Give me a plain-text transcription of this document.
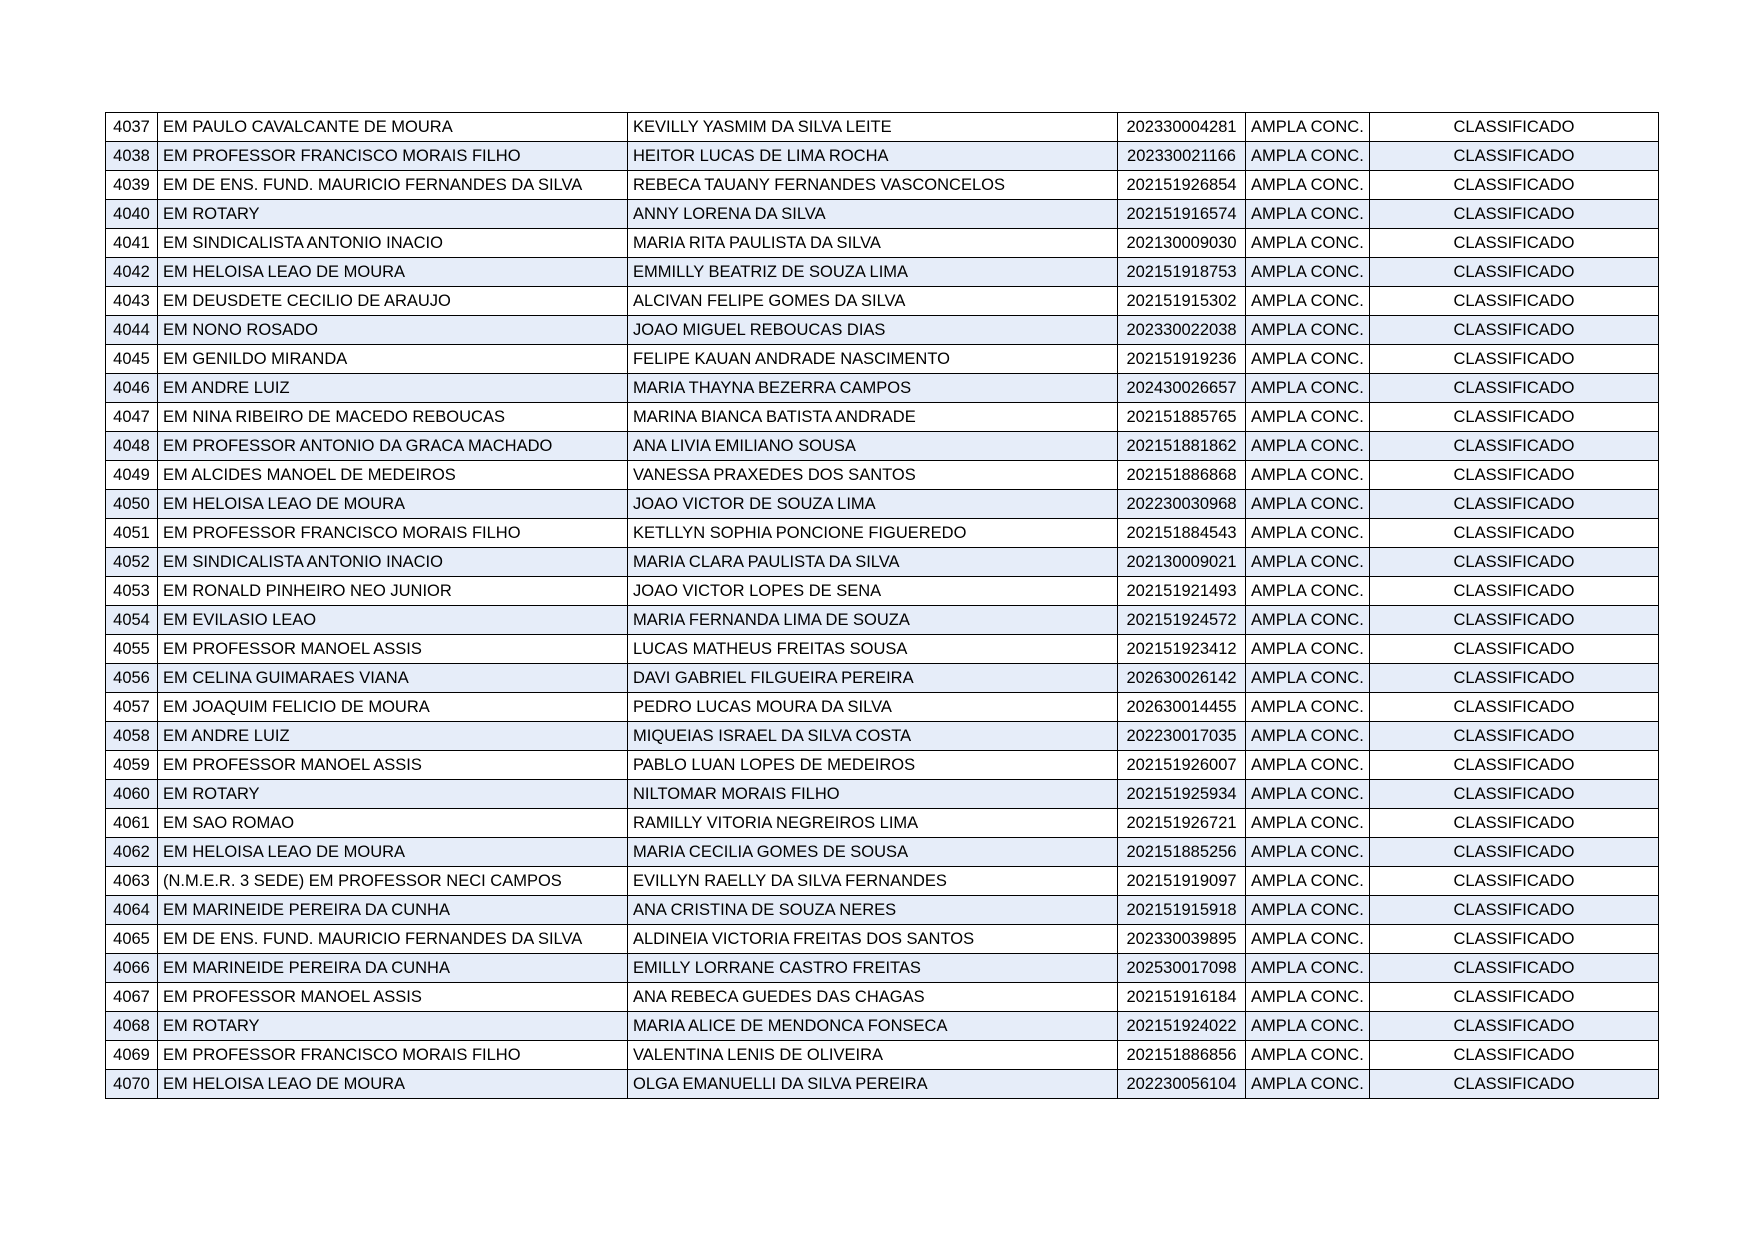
4037	EM PAULO CAVALCANTE DE MOURA	KEVILLY YASMIM DA SILVA LEITE	202330004281	AMPLA CONC.	CLASSIFICADO
4038	EM PROFESSOR FRANCISCO MORAIS FILHO	HEITOR LUCAS DE LIMA ROCHA	202330021166	AMPLA CONC.	CLASSIFICADO
4039	EM DE ENS. FUND. MAURICIO FERNANDES DA SILVA	REBECA TAUANY FERNANDES VASCONCELOS	202151926854	AMPLA CONC.	CLASSIFICADO
4040	EM ROTARY	ANNY LORENA DA SILVA	202151916574	AMPLA CONC.	CLASSIFICADO
4041	EM SINDICALISTA ANTONIO INACIO	MARIA RITA PAULISTA DA SILVA	202130009030	AMPLA CONC.	CLASSIFICADO
4042	EM HELOISA LEAO DE MOURA	EMMILLY BEATRIZ DE SOUZA LIMA	202151918753	AMPLA CONC.	CLASSIFICADO
4043	EM DEUSDETE CECILIO DE ARAUJO	ALCIVAN FELIPE GOMES DA SILVA	202151915302	AMPLA CONC.	CLASSIFICADO
4044	EM NONO ROSADO	JOAO MIGUEL REBOUCAS DIAS	202330022038	AMPLA CONC.	CLASSIFICADO
4045	EM GENILDO MIRANDA	FELIPE KAUAN ANDRADE NASCIMENTO	202151919236	AMPLA CONC.	CLASSIFICADO
4046	EM ANDRE LUIZ	MARIA THAYNA BEZERRA CAMPOS	202430026657	AMPLA CONC.	CLASSIFICADO
4047	EM NINA RIBEIRO DE MACEDO REBOUCAS	MARINA BIANCA BATISTA ANDRADE	202151885765	AMPLA CONC.	CLASSIFICADO
4048	EM PROFESSOR ANTONIO DA GRACA MACHADO	ANA LIVIA EMILIANO SOUSA	202151881862	AMPLA CONC.	CLASSIFICADO
4049	EM ALCIDES MANOEL DE MEDEIROS	VANESSA PRAXEDES DOS SANTOS	202151886868	AMPLA CONC.	CLASSIFICADO
4050	EM HELOISA LEAO DE MOURA	JOAO VICTOR DE SOUZA LIMA	202230030968	AMPLA CONC.	CLASSIFICADO
4051	EM PROFESSOR FRANCISCO MORAIS FILHO	KETLLYN SOPHIA PONCIONE FIGUEREDO	202151884543	AMPLA CONC.	CLASSIFICADO
4052	EM SINDICALISTA ANTONIO INACIO	MARIA CLARA PAULISTA DA SILVA	202130009021	AMPLA CONC.	CLASSIFICADO
4053	EM RONALD PINHEIRO NEO JUNIOR	JOAO VICTOR LOPES DE SENA	202151921493	AMPLA CONC.	CLASSIFICADO
4054	EM EVILASIO LEAO	MARIA FERNANDA LIMA DE SOUZA	202151924572	AMPLA CONC.	CLASSIFICADO
4055	EM PROFESSOR MANOEL ASSIS	LUCAS MATHEUS FREITAS SOUSA	202151923412	AMPLA CONC.	CLASSIFICADO
4056	EM CELINA GUIMARAES VIANA	DAVI GABRIEL FILGUEIRA PEREIRA	202630026142	AMPLA CONC.	CLASSIFICADO
4057	EM JOAQUIM FELICIO DE MOURA	PEDRO LUCAS MOURA DA SILVA	202630014455	AMPLA CONC.	CLASSIFICADO
4058	EM ANDRE LUIZ	MIQUEIAS ISRAEL DA SILVA COSTA	202230017035	AMPLA CONC.	CLASSIFICADO
4059	EM PROFESSOR MANOEL ASSIS	PABLO LUAN LOPES DE MEDEIROS	202151926007	AMPLA CONC.	CLASSIFICADO
4060	EM ROTARY	NILTOMAR MORAIS FILHO	202151925934	AMPLA CONC.	CLASSIFICADO
4061	EM SAO ROMAO	RAMILLY VITORIA NEGREIROS LIMA	202151926721	AMPLA CONC.	CLASSIFICADO
4062	EM HELOISA LEAO DE MOURA	MARIA CECILIA GOMES DE SOUSA	202151885256	AMPLA CONC.	CLASSIFICADO
4063	(N.M.E.R. 3 SEDE) EM PROFESSOR NECI CAMPOS	EVILLYN RAELLY DA SILVA FERNANDES	202151919097	AMPLA CONC.	CLASSIFICADO
4064	EM MARINEIDE PEREIRA DA CUNHA	ANA CRISTINA DE SOUZA NERES	202151915918	AMPLA CONC.	CLASSIFICADO
4065	EM DE ENS. FUND. MAURICIO FERNANDES DA SILVA	ALDINEIA VICTORIA FREITAS DOS SANTOS	202330039895	AMPLA CONC.	CLASSIFICADO
4066	EM MARINEIDE PEREIRA DA CUNHA	EMILLY LORRANE CASTRO FREITAS	202530017098	AMPLA CONC.	CLASSIFICADO
4067	EM PROFESSOR MANOEL ASSIS	ANA REBECA GUEDES DAS CHAGAS	202151916184	AMPLA CONC.	CLASSIFICADO
4068	EM ROTARY	MARIA ALICE DE MENDONCA FONSECA	202151924022	AMPLA CONC.	CLASSIFICADO
4069	EM PROFESSOR FRANCISCO MORAIS FILHO	VALENTINA LENIS DE OLIVEIRA	202151886856	AMPLA CONC.	CLASSIFICADO
4070	EM HELOISA LEAO DE MOURA	OLGA EMANUELLI DA SILVA PEREIRA	202230056104	AMPLA CONC.	CLASSIFICADO
